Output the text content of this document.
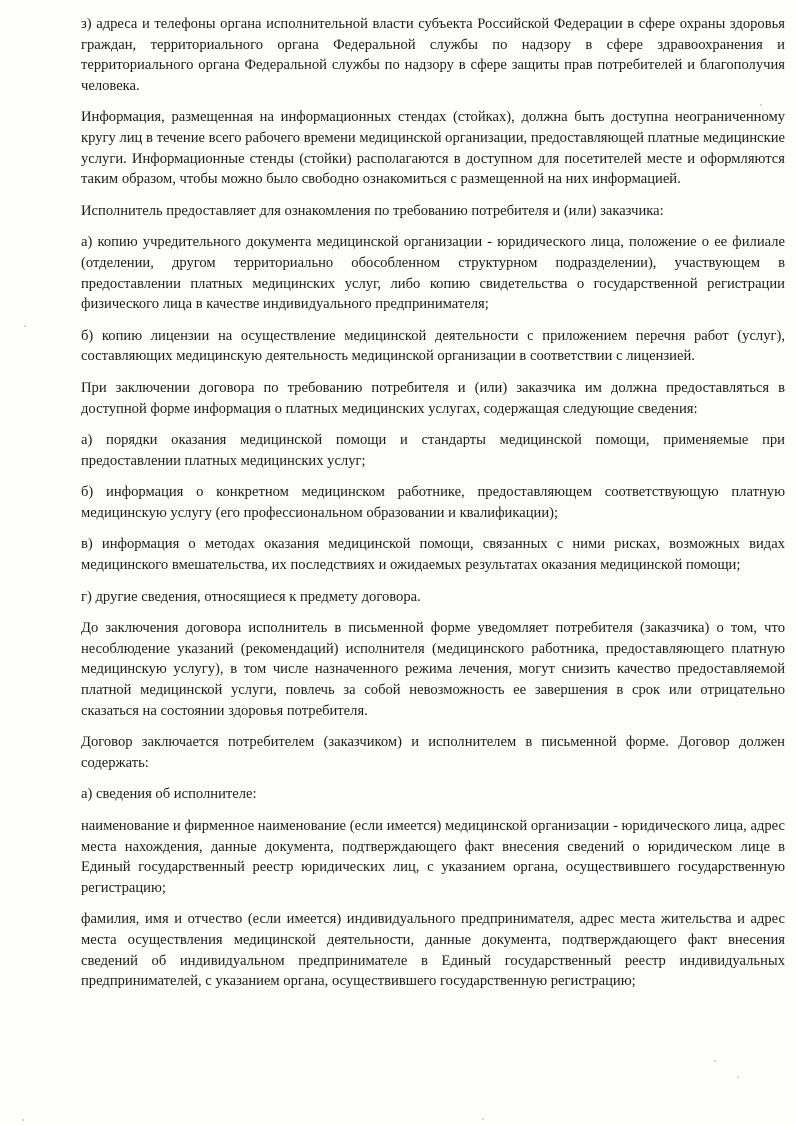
з) адреса и телефоны органа исполнительной власти субъекта Российской Федерации в сфере охраны здоровья граждан, территориального органа Федеральной службы по надзору в сфере здравоохранения и территориального органа Федеральной службы по надзору в сфере защиты прав потребителей и благополучия человека.

Информация, размещенная на информационных стендах (стойках), должна быть доступна неограниченному кругу лиц в течение всего рабочего времени медицинской организации, предоставляющей платные медицинские услуги. Информационные стенды (стойки) располагаются в доступном для посетителей месте и оформляются таким образом, чтобы можно было свободно ознакомиться с размещенной на них информацией.

Исполнитель предоставляет для ознакомления по требованию потребителя и (или) заказчика:

а) копию учредительного документа медицинской организации - юридического лица, положение о ее филиале (отделении, другом территориально обособленном структурном подразделении), участвующем в предоставлении платных медицинских услуг, либо копию свидетельства о государственной регистрации физического лица в качестве индивидуального предпринимателя;

б) копию лицензии на осуществление медицинской деятельности с приложением перечня работ (услуг), составляющих медицинскую деятельность медицинской организации в соответствии с лицензией.

При заключении договора по требованию потребителя и (или) заказчика им должна предоставляться в доступной форме информация о платных медицинских услугах, содержащая следующие сведения:

а) порядки оказания медицинской помощи и стандарты медицинской помощи, применяемые при предоставлении платных медицинских услуг;

б) информация о конкретном медицинском работнике, предоставляющем соответствующую платную медицинскую услугу (его профессиональном образовании и квалификации);

в) информация о методах оказания медицинской помощи, связанных с ними рисках, возможных видах медицинского вмешательства, их последствиях и ожидаемых результатах оказания медицинской помощи;

г) другие сведения, относящиеся к предмету договора.

До заключения договора исполнитель в письменной форме уведомляет потребителя (заказчика) о том, что несоблюдение указаний (рекомендаций) исполнителя (медицинского работника, предоставляющего платную медицинскую услугу), в том числе назначенного режима лечения, могут снизить качество предоставляемой платной медицинской услуги, повлечь за собой невозможность ее завершения в срок или отрицательно сказаться на состоянии здоровья потребителя.

Договор заключается потребителем (заказчиком) и исполнителем в письменной форме. Договор должен содержать:

а) сведения об исполнителе:

наименование и фирменное наименование (если имеется) медицинской организации - юридического лица, адрес места нахождения, данные документа, подтверждающего факт внесения сведений о юридическом лице в Единый государственный реестр юридических лиц, с указанием органа, осуществившего государственную регистрацию;

фамилия, имя и отчество (если имеется) индивидуального предпринимателя, адрес места жительства и адрес места осуществления медицинской деятельности, данные документа, подтверждающего факт внесения сведений об индивидуальном предпринимателе в Единый государственный реестр индивидуальных предпринимателей, с указанием органа, осуществившего государственную регистрацию;
